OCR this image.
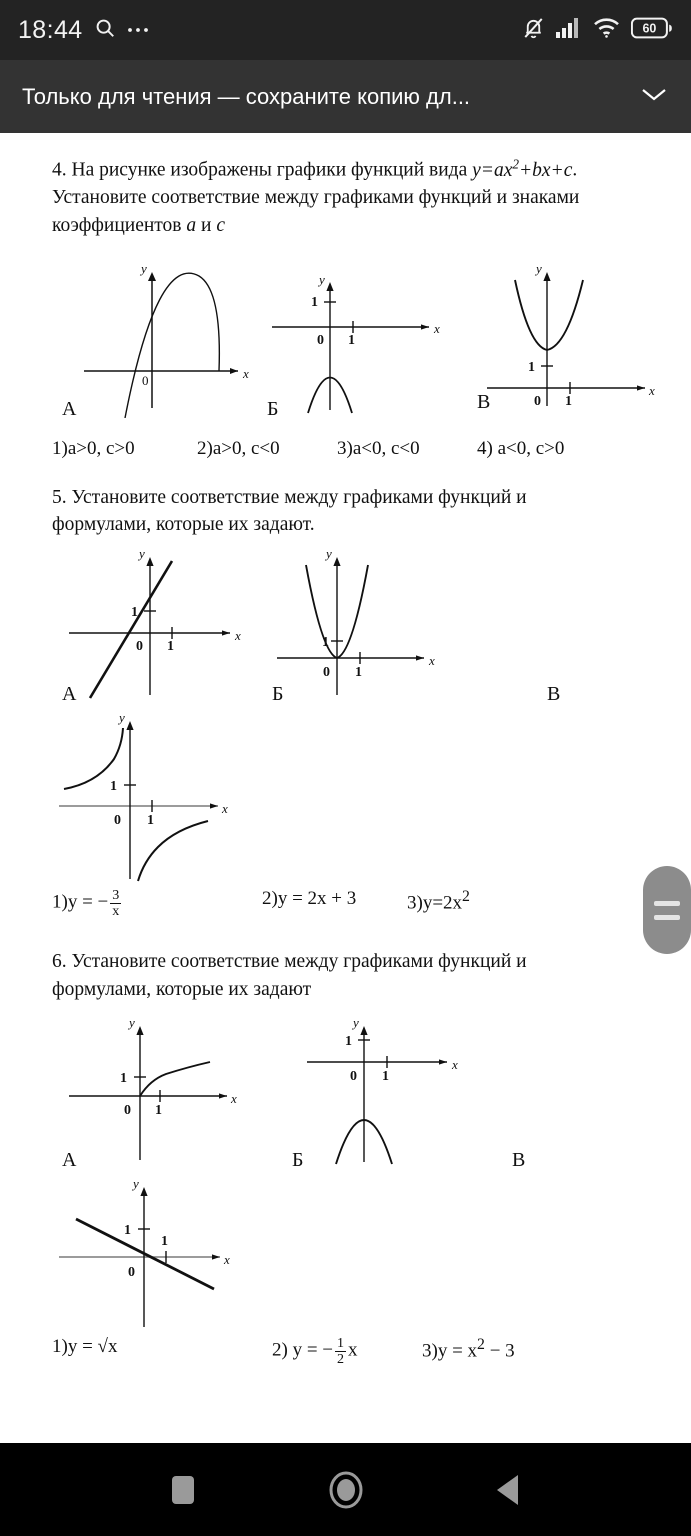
18:44	60
Только для чтения — сохраните копию дл...
4. На рисунке изображены графики функций вида $y=ax^2+bx+c$.
Установите соответствие между графиками функций и знаками
коэффициентов a и c
0	x
y
А
1
0 1
x
y
Б
1
0 1
x
y
В
1)a>0, c>0	2)a>0, c<0	3)a<0, c<0	4) a<0, c>0
5. Установите соответствие между графиками функций и
формулами, которые их задают.
1
0 1
x
y
А
1
0 1
x
y
Б	В
1
0 1
x
y
1)y = − $\frac{3}{x}$	2)y = 2x + 3	$3)y=2x^2$
6. Установите соответствие между графиками функций и
формулами, которые их задают
1
0 1
x
y
А
1
0 1
x
y
Б	В
1
0
1
x
y
1)y = √x	2) y = − $\frac{1}{2}$ x	$3)y = x^2 - 3$
